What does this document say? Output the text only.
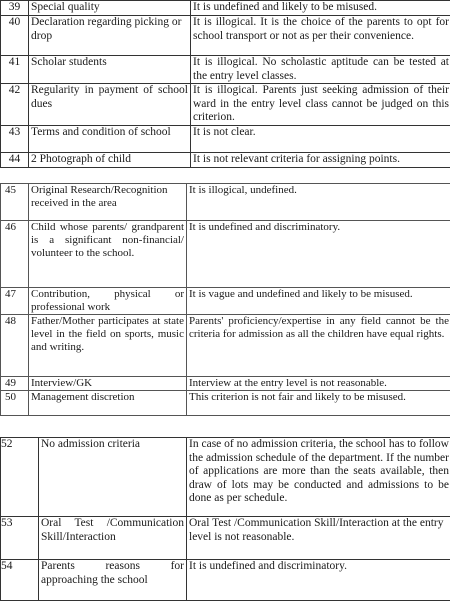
39	Special quality	It is undefined and likely to be misused.
40	Declaration regarding picking or drop	It is illogical. It is the choice of the parents to opt for school transport or not as per their convenience.
41	Scholar students	It is illogical. No scholastic aptitude can be tested at the entry level classes.
42	Regularity in payment of school dues	It is illogical. Parents just seeking admission of their ward in the entry level class cannot be judged on this criterion.
43	Terms and condition of school	It is not clear.
44	2 Photograph of child	It is not relevant criteria for assigning points.
45	Original Research/Recognition received in the area	It is illogical, undefined.
46	Child whose parents/ grandparent is a significant non-financial/ volunteer to the school.	It is undefined and discriminatory.
47	Contribution, physical or professional work	It is vague and undefined and likely to be misused.
48	Father/Mother participates at state level in the field on sports, music and writing.	Parents' proficiency/expertise in any field cannot be the criteria for admission as all the children have equal rights.
49	Interview/GK	Interview at the entry level is not reasonable.
50	Management discretion	This criterion is not fair and likely to be misused.
52	No admission criteria	In case of no admission criteria, the school has to follow the admission schedule of the department. If the number of applications are more than the seats available, then draw of lots may be conducted and admissions to be done as per schedule.
53	Oral Test /Communication Skill/Interaction	Oral Test /Communication Skill/Interaction at the entry level is not reasonable.
54	Parents reasons for approaching the school	It is undefined and discriminatory.
